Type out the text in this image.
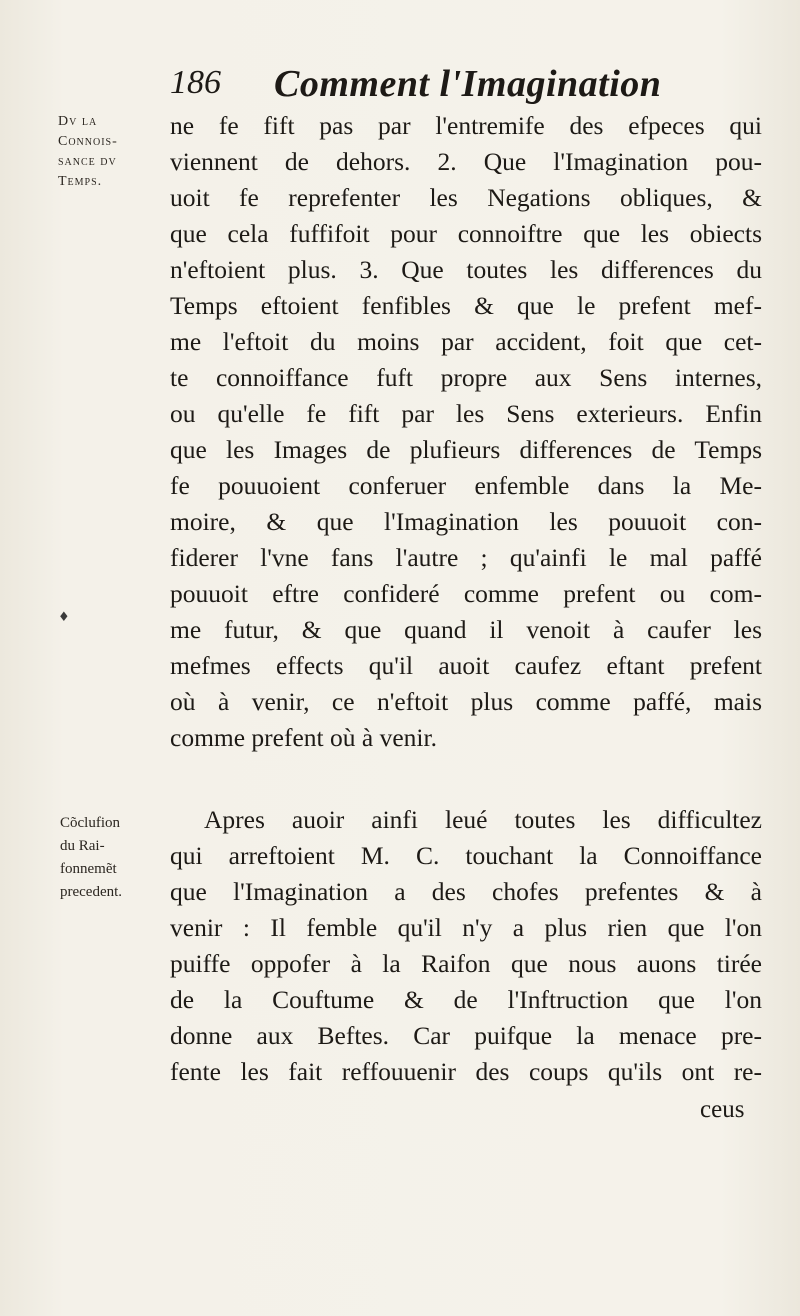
186 Comment l'Imagination
Dv la
Connois-
sance dv
Temps.
♦
ne fe fift pas par l'entremife des efpeces qui
viennent de dehors. 2. Que l'Imagination pou-
uoit fe reprefenter les Negations obliques, &
que cela fuffifoit pour connoiftre que les obiects
n'eftoient plus. 3. Que toutes les differences du
Temps eftoient fenfibles & que le prefent mef-
me l'eftoit du moins par accident, foit que cet-
te connoiffance fuft propre aux Sens internes,
ou qu'elle fe fift par les Sens exterieurs. Enfin
que les Images de plufieurs differences de Temps
fe pouuoient conferuer enfemble dans la Me-
moire, & que l'Imagination les pouuoit con-
fiderer l'vne fans l'autre ; qu'ainfi le mal paffé
pouuoit eftre confideré comme prefent ou com-
me futur, & que quand il venoit à caufer les
mefmes effects qu'il auoit caufez eftant prefent
où à venir, ce n'eftoit plus comme paffé, mais
comme prefent où à venir.
Cõclufion
du Rai-
fonnemẽt
precedent.
Apres auoir ainfi leué toutes les difficultez
qui arreftoient M. C. touchant la Connoiffance
que l'Imagination a des chofes prefentes & à
venir : Il femble qu'il n'y a plus rien que l'on
puiffe oppofer à la Raifon que nous auons tirée
de la Couftume & de l'Inftruction que l'on
donne aux Beftes. Car puifque la menace pre-
fente les fait reffouuenir des coups qu'ils ont re-
ceus
